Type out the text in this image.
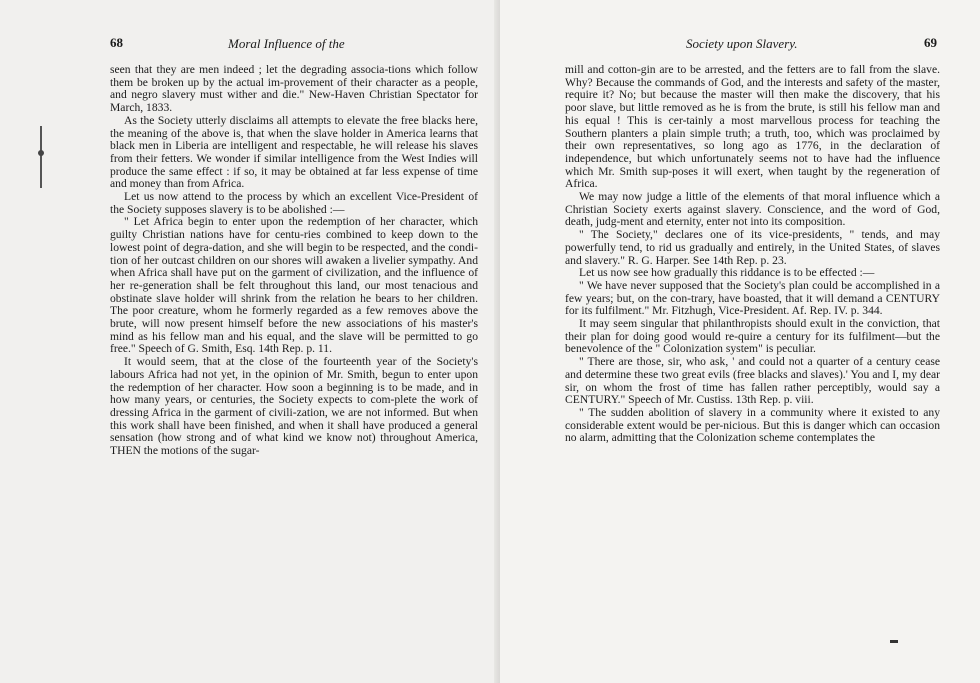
68	Moral Influence of the

seen that they are men indeed ; let the degrading associa-tions which follow them be broken up by the actual im-provement of their character as a people, and negro slavery must wither and die." New-Haven Christian Spectator for March, 1833.

As the Society utterly disclaims all attempts to elevate the free blacks here, the meaning of the above is, that when the slave holder in America learns that black men in Liberia are intelligent and respectable, he will release his slaves from their fetters. We wonder if similar intelligence from the West Indies will produce the same effect : if so, it may be obtained at far less expense of time and money than from Africa.

Let us now attend to the process by which an excellent Vice-President of the Society supposes slavery is to be abolished :—

" Let Africa begin to enter upon the redemption of her character, which guilty Christian nations have for centu-ries combined to keep down to the lowest point of degra-dation, and she will begin to be respected, and the condi-tion of her outcast children on our shores will awaken a livelier sympathy. And when Africa shall have put on the garment of civilization, and the influence of her re-generation shall be felt throughout this land, our most tenacious and obstinate slave holder will shrink from the relation he bears to her children. The poor creature, whom he formerly regarded as a few removes above the brute, will now present himself before the new associations of his master's mind as his fellow man and his equal, and the slave will be permitted to go free." Speech of G. Smith, Esq. 14th Rep. p. 11.

It would seem, that at the close of the fourteenth year of the Society's labours Africa had not yet, in the opinion of Mr. Smith, begun to enter upon the redemption of her character. How soon a beginning is to be made, and in how many years, or centuries, the Society expects to com-plete the work of dressing Africa in the garment of civili-zation, we are not informed. But when this work shall have been finished, and when it shall have produced a general sensation (how strong and of what kind we know not) throughout America, THEN the motions of the sugar-

Society upon Slavery.	69

mill and cotton-gin are to be arrested, and the fetters are to fall from the slave. Why? Because the commands of God, and the interests and safety of the master, require it? No; but because the master will then make the discovery, that his poor slave, but little removed as he is from the brute, is still his fellow man and his equal ! This is cer-tainly a most marvellous process for teaching the Southern planters a plain simple truth; a truth, too, which was proclaimed by their own representatives, so long ago as 1776, in the declaration of independence, but which unfortunately seems not to have had the influence which Mr. Smith sup-poses it will exert, when taught by the regeneration of Africa.

We may now judge a little of the elements of that moral influence which a Christian Society exerts against slavery. Conscience, and the word of God, death, judg-ment and eternity, enter not into its composition.

" The Society," declares one of its vice-presidents, " tends, and may powerfully tend, to rid us gradually and entirely, in the United States, of slaves and slavery." R. G. Harper. See 14th Rep. p. 23.

Let us now see how gradually this riddance is to be effected :—

" We have never supposed that the Society's plan could be accomplished in a few years; but, on the con-trary, have boasted, that it will demand a CENTURY for its fulfilment." Mr. Fitzhugh, Vice-President. Af. Rep. IV. p. 344.

It may seem singular that philanthropists should exult in the conviction, that their plan for doing good would re-quire a century for its fulfilment—but the benevolence of the " Colonization system" is peculiar.

" There are those, sir, who ask, ' and could not a quarter of a century cease and determine these two great evils (free blacks and slaves).' You and I, my dear sir, on whom the frost of time has fallen rather perceptibly, would say a CENTURY." Speech of Mr. Custiss. 13th Rep. p. viii.

" The sudden abolition of slavery in a community where it existed to any considerable extent would be per-nicious. But this is danger which can occasion no alarm, admitting that the Colonization scheme contemplates the
